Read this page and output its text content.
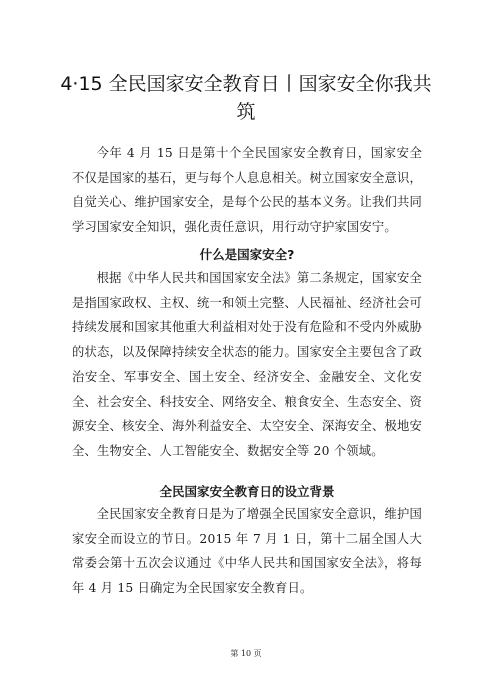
4·15 全民国家安全教育日丨国家安全你我共筑

今年 4 月 15 日是第十个全民国家安全教育日，国家安全不仅是国家的基石，更与每个人息息相关。树立国家安全意识，自觉关心、维护国家安全，是每个公民的基本义务。让我们共同学习国家安全知识，强化责任意识，用行动守护家国安宁。

什么是国家安全?

根据《中华人民共和国国家安全法》第二条规定，国家安全是指国家政权、主权、统一和领土完整、人民福祉、经济社会可持续发展和国家其他重大利益相对处于没有危险和不受内外威胁的状态，以及保障持续安全状态的能力。国家安全主要包含了政治安全、军事安全、国土安全、经济安全、金融安全、文化安全、社会安全、科技安全、网络安全、粮食安全、生态安全、资源安全、核安全、海外利益安全、太空安全、深海安全、极地安全、生物安全、人工智能安全、数据安全等 20 个领域。

全民国家安全教育日的设立背景

全民国家安全教育日是为了增强全民国家安全意识，维护国家安全而设立的节日。2015 年 7 月 1 日，第十二届全国人大常委会第十五次会议通过《中华人民共和国国家安全法》，将每年 4 月 15 日确定为全民国家安全教育日。

第 10 页
